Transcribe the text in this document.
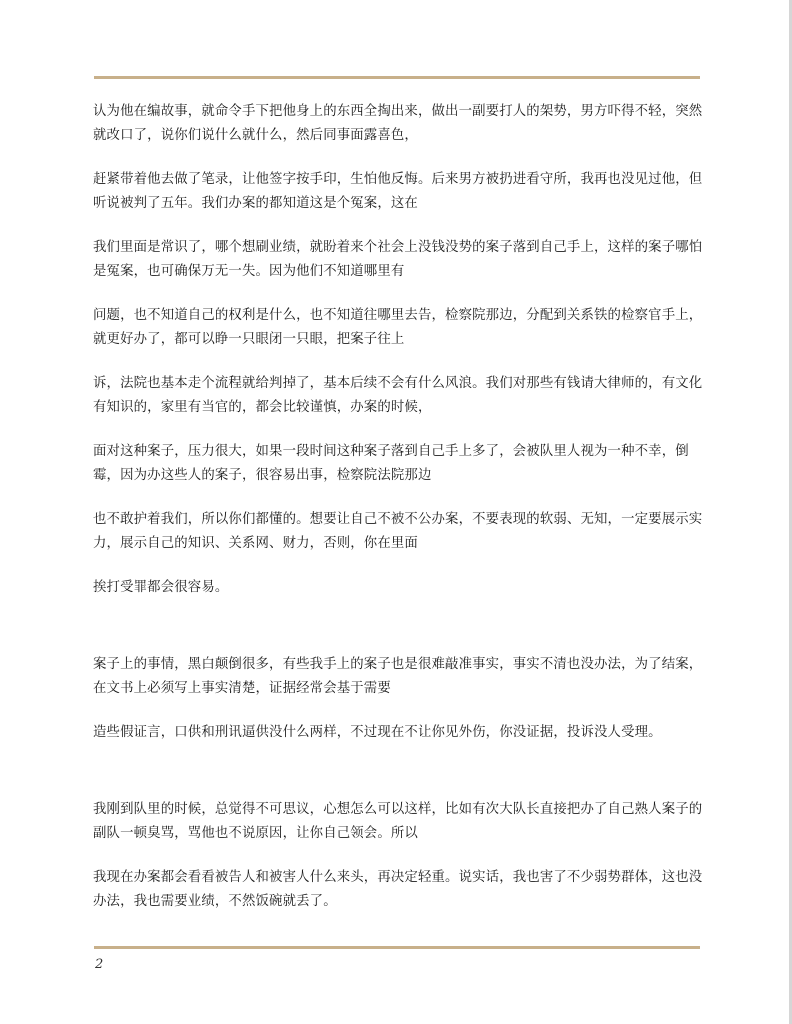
认为他在编故事，就命令手下把他身上的东西全掏出来，做出一副要打人的架势，男方吓得不轻，突然就改口了，说你们说什么就什么，然后同事面露喜色，

赶紧带着他去做了笔录，让他签字按手印，生怕他反悔。后来男方被扔进看守所，我再也没见过他，但听说被判了五年。我们办案的都知道这是个冤案，这在

我们里面是常识了，哪个想刷业绩，就盼着来个社会上没钱没势的案子落到自己手上，这样的案子哪怕是冤案，也可确保万无一失。因为他们不知道哪里有

问题，也不知道自己的权利是什么，也不知道往哪里去告，检察院那边，分配到关系铁的检察官手上，就更好办了，都可以睁一只眼闭一只眼，把案子往上

诉，法院也基本走个流程就给判掉了，基本后续不会有什么风浪。我们对那些有钱请大律师的，有文化有知识的，家里有当官的，都会比较谨慎，办案的时候，

面对这种案子，压力很大，如果一段时间这种案子落到自己手上多了，会被队里人视为一种不幸，倒霉，因为办这些人的案子，很容易出事，检察院法院那边

也不敢护着我们，所以你们都懂的。想要让自己不被不公办案，不要表现的软弱、无知，一定要展示实力，展示自己的知识、关系网、财力，否则，你在里面

挨打受罪都会很容易。

案子上的事情，黑白颠倒很多，有些我手上的案子也是很难敲准事实，事实不清也没办法，为了结案，在文书上必须写上事实清楚，证据经常会基于需要

造些假证言，口供和刑讯逼供没什么两样，不过现在不让你见外伤，你没证据，投诉没人受理。

我刚到队里的时候，总觉得不可思议，心想怎么可以这样，比如有次大队长直接把办了自己熟人案子的副队一顿臭骂，骂他也不说原因，让你自己领会。所以

我现在办案都会看看被告人和被害人什么来头，再决定轻重。说实话，我也害了不少弱势群体，这也没办法，我也需要业绩，不然饭碗就丢了。

2
